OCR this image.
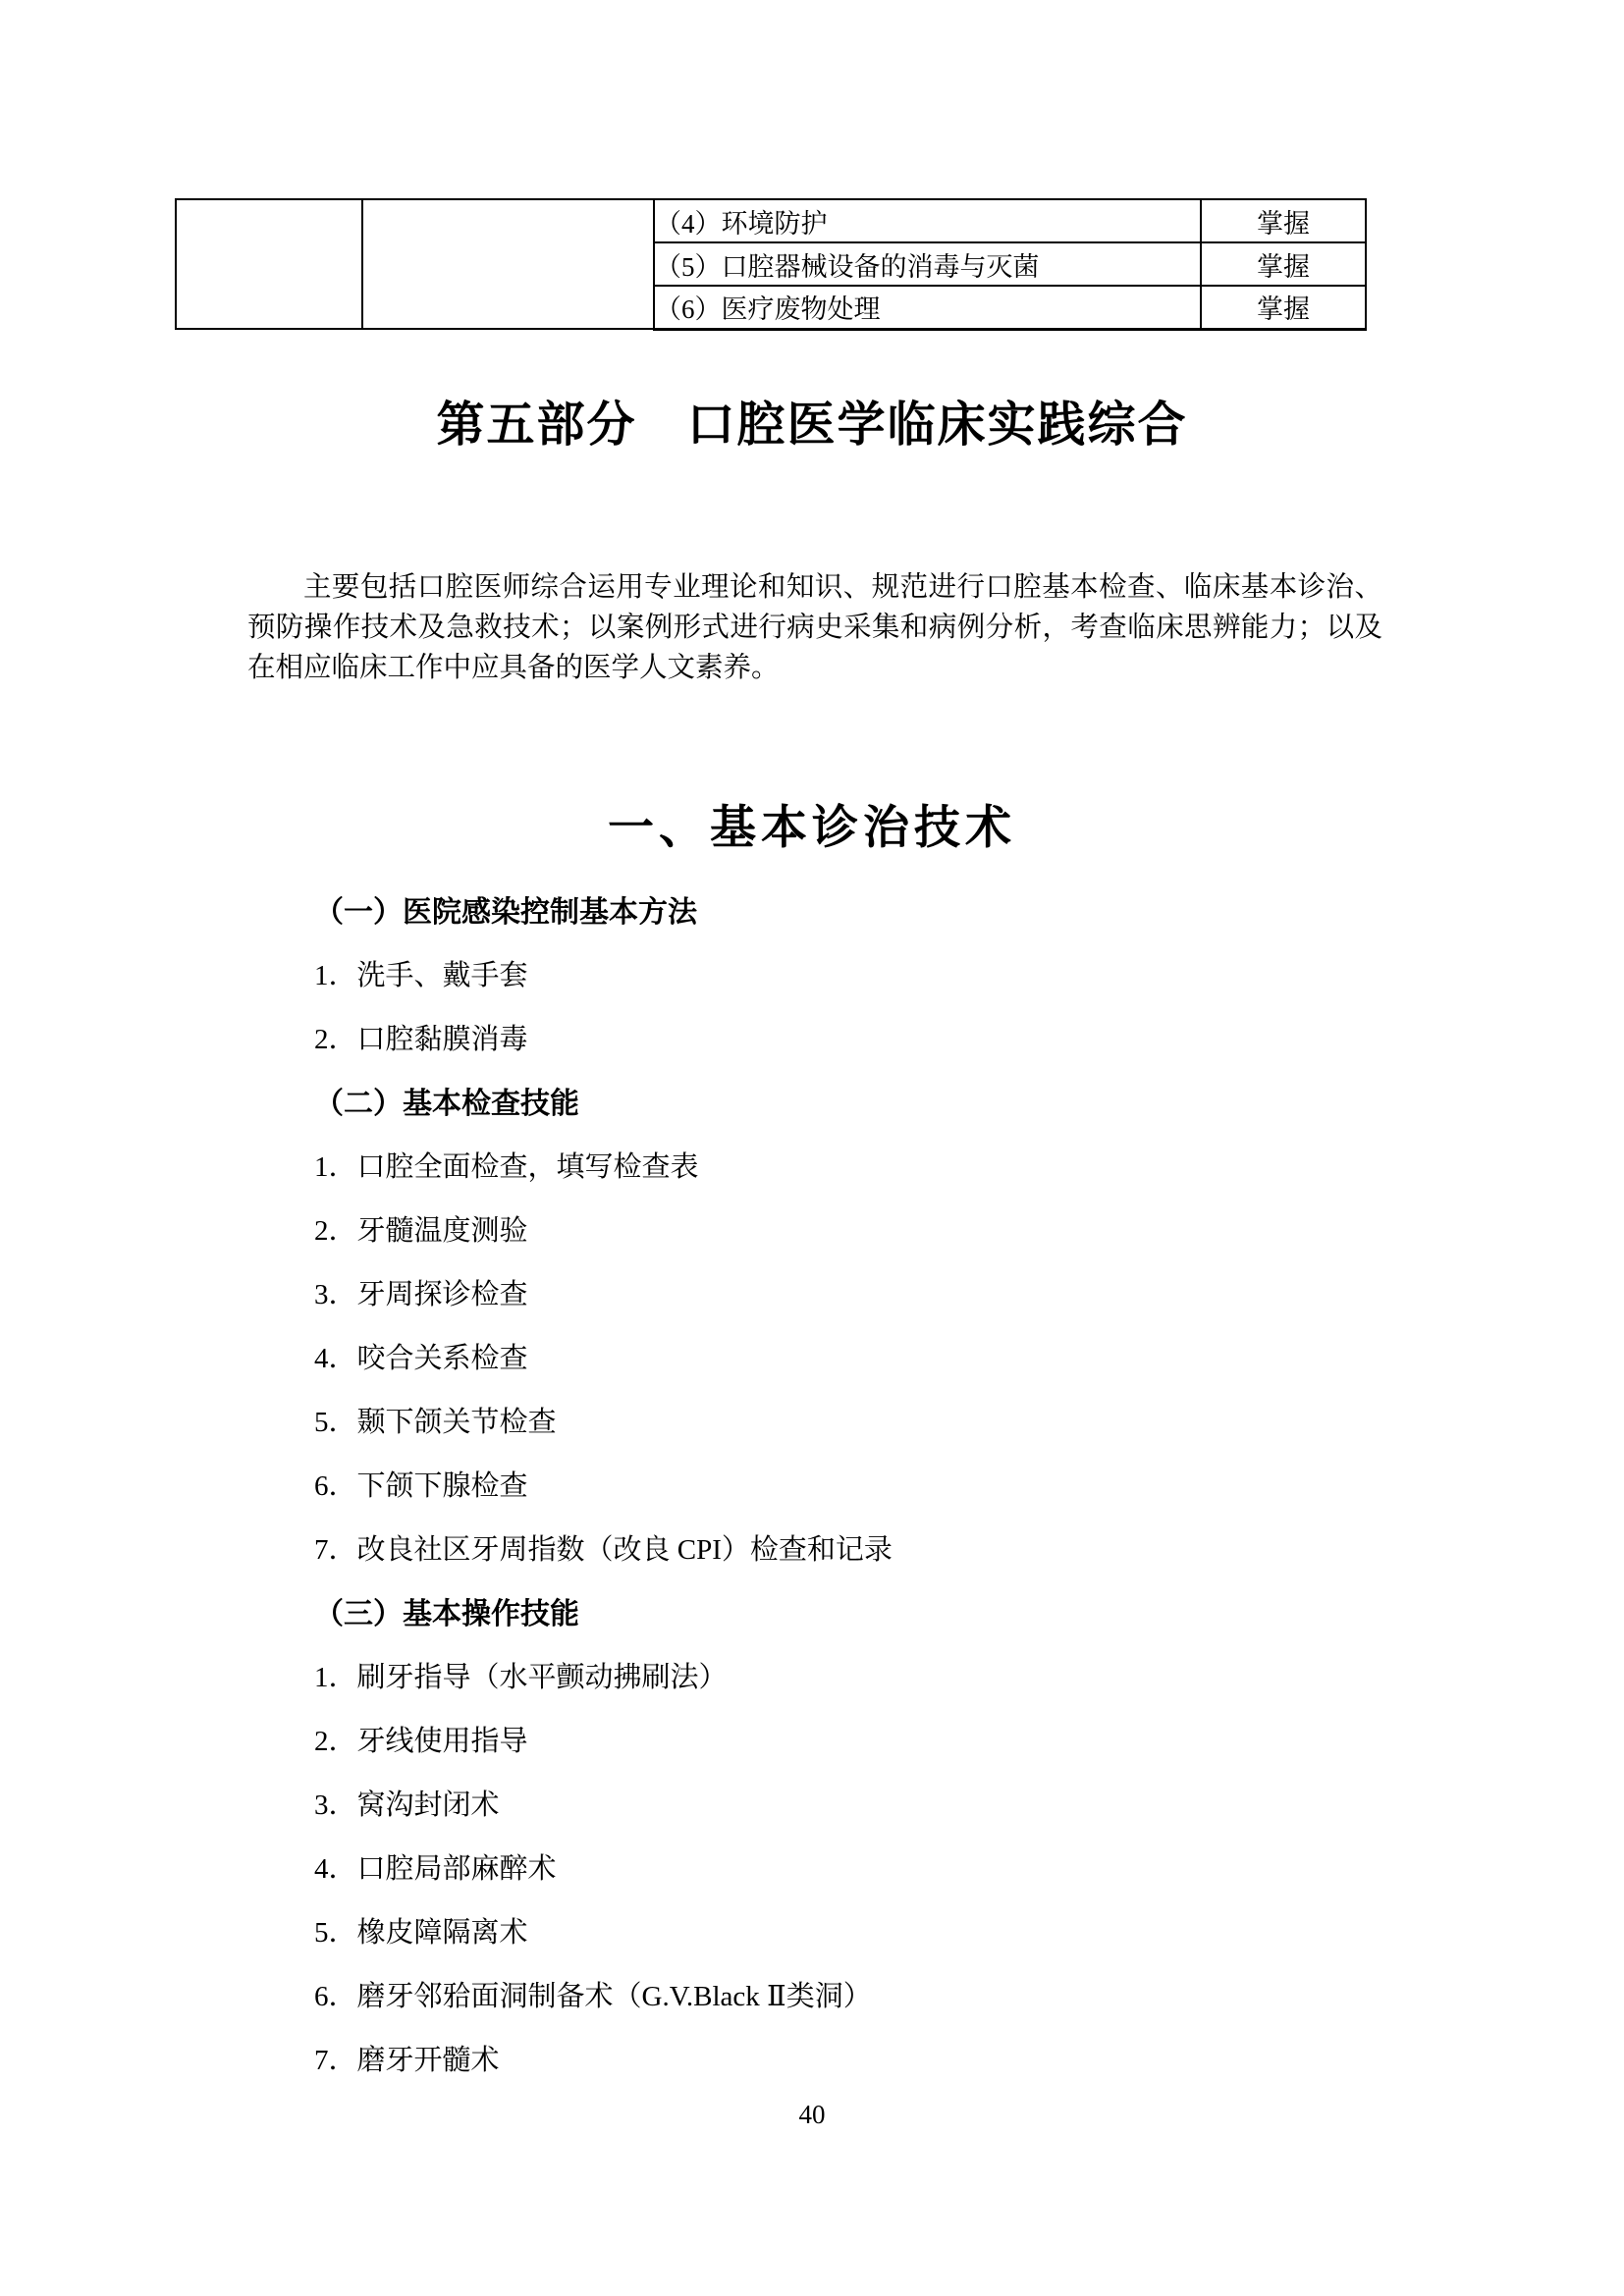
		（4）环境防护	掌握
		（5）口腔器械设备的消毒与灭菌	掌握
		（6）医疗废物处理	掌握
第五部分　口腔医学临床实践综合
主要包括口腔医师综合运用专业理论和知识、规范进行口腔基本检查、临床基本诊治、预防操作技术及急救技术；以案例形式进行病史采集和病例分析，考查临床思辨能力；以及在相应临床工作中应具备的医学人文素养。
一、基本诊治技术
（一）医院感染控制基本方法
1．洗手、戴手套
2．口腔黏膜消毒
（二）基本检查技能
1．口腔全面检查，填写检查表
2．牙髓温度测验
3．牙周探诊检查
4．咬合关系检查
5．颞下颌关节检查
6．下颌下腺检查
7．改良社区牙周指数（改良 CPI）检查和记录
（三）基本操作技能
1．刷牙指导（水平颤动拂刷法）
2．牙线使用指导
3．窝沟封闭术
4．口腔局部麻醉术
5．橡皮障隔离术
6．磨牙邻𬌗面洞制备术（G.V.Black Ⅱ类洞）
7．磨牙开髓术
40
